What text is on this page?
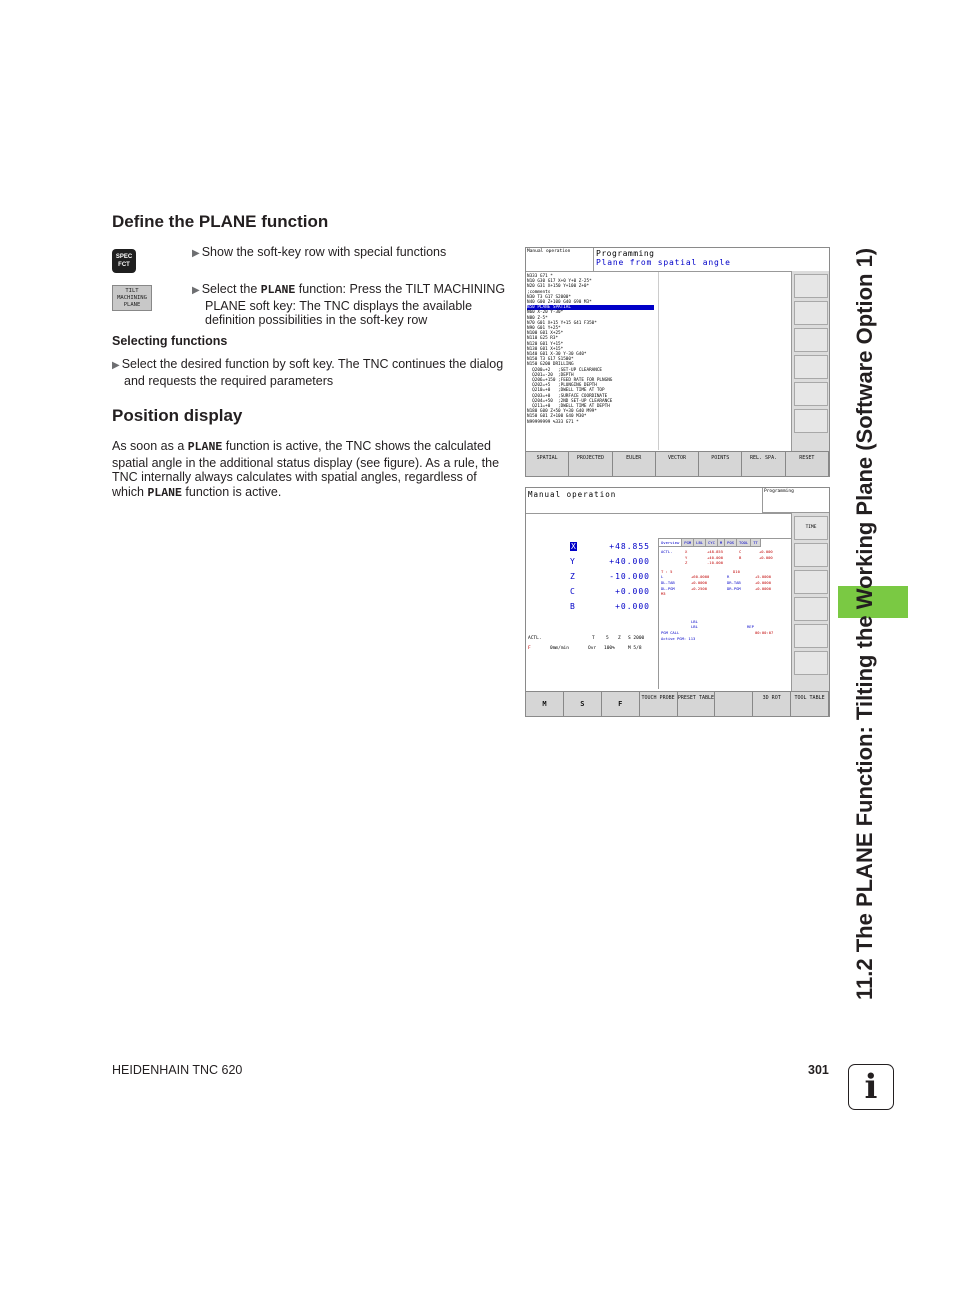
Define the PLANE function
SPEC
FCT

▶ Show the soft-key row with special functions

TILT
MACHINING
PLANE

▶ Select the PLANE function: Press the TILT MACHINING PLANE soft key: The TNC displays the available definition possibilities in the soft-key row

Selecting functions

▶ Select the desired function by soft key. The TNC continues the dialog and requests the required parameters

Position display

As soon as a PLANE function is active, the TNC shows the calculated spatial angle in the additional status display (see figure). As a rule, the TNC internally always calculates with spatial angles, regardless of which PLANE function is active.

Manual operation	Programming
Plane from spatial angle
N333 G71 *
N10 G30 G17 X+0 Y+0 Z-25*
N20 G31 X+150 Y+100 Z+0*
;comments
N30 T3 G17 S2000*
N40 G00 Z+100 G40 G90 M3*
N50 PLANE SPATIAL
N60 X-20 Y-30*
N80 Z-5*
N70 G01 X+15 Y+15 G41 F350*
N90 G01 Y+25*
N100 G01 X+25*
N110 G25 R3*
N120 G01 Y+15*
N130 G01 X+15*
N140 G01 X-30 Y-30 G40*
N150 T3 G17 S1500*
N150 G200 DRILLING
Q200=+2   ;SET-UP CLEARANCE
Q201=-20  ;DEPTH
Q206=+150 ;FEED RATE FOR PLNGNG
Q202=+5   ;PLUNGING DEPTH
Q210=+0   ;DWELL TIME AT TOP
Q203=+0   ;SURFACE COORDINATE
Q204=+50  ;2ND SET-UP CLEARANCE
Q211=+0   ;DWELL TIME AT DEPTH
N180 G00 Z+50 Y+30 G40 M99*
N150 G01 Z+100 G40 M30*
N99999999 %333 G71 *
SPATIAL	PROJECTED	EULER	VECTOR	POINTS	REL. SPA.	RESET
Manual operation	Programming
X	+48.855
Y	+40.000
Z	-10.000
C	+0.000
B	+0.000
ACTL.	T	5 Z S 2000
F	0mm/min	Ovr 100%	M 5/8
Overview	PGM	LBL	CYC	M	POS	TOOL	TT
ACTL.	X	+48.855	C	+0.000
Y	+40.000	B	+0.000
Z	-10.000
T : 5	D10
L	+60.0000	R	+5.0000
DL-TAB	+0.0000	DR-TAB	+0.0000
DL-PGM	+0.2500	DR-PGM	+0.0000
M3
LBL
LBL	REP
PGM CALL	00:00:07
Active PGM: 113
TIME
M	S	F
TOUCH PROBE PRESET TABLE	3D ROT	TOOL TABLE	11.2 The PLANE Function: Tilting the Working Plane (Software Option 1)
HEIDENHAIN TNC 620	301	i
